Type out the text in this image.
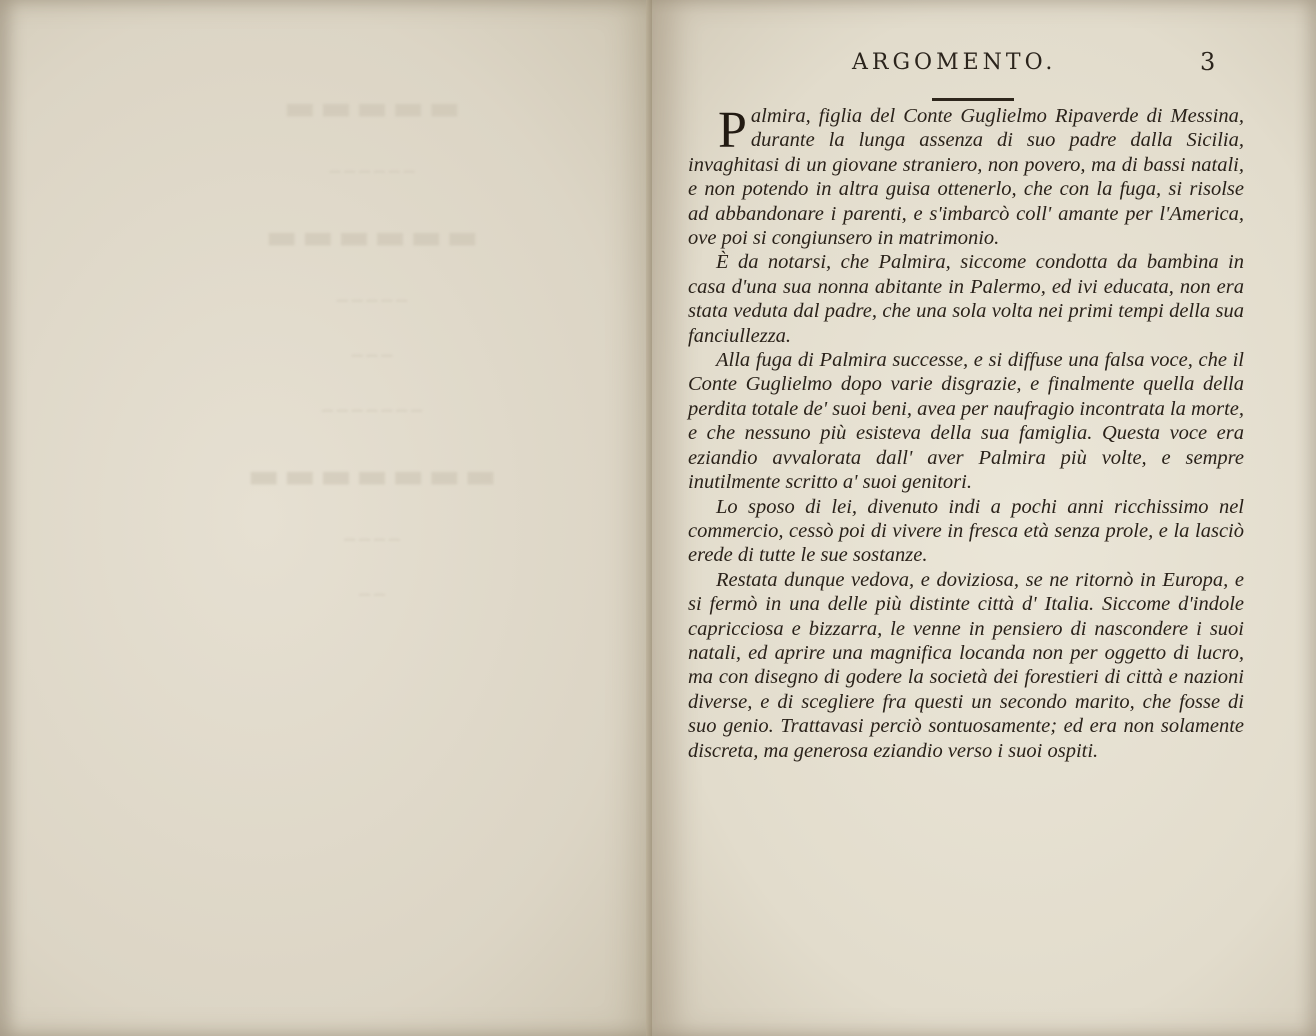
▬▬▬▬▬
──────
▬▬▬▬▬▬
─────
───
───────
▬▬▬▬▬▬▬
────
──
ARGOMENTO.	3

Palmira, figlia del Conte Guglielmo Ripaverde di Messina, durante la lunga assenza di suo padre dalla Sicilia, invaghitasi di un giovane straniero, non povero, ma di bassi natali, e non potendo in altra guisa ottenerlo, che con la fuga, si risolse ad abbandonare i parenti, e s'imbarcò coll' amante per l'America, ove poi si congiunsero in matrimonio.

È da notarsi, che Palmira, siccome condotta da bambina in casa d'una sua nonna abitante in Palermo, ed ivi educata, non era stata veduta dal padre, che una sola volta nei primi tempi della sua fanciullezza.

Alla fuga di Palmira successe, e si diffuse una falsa voce, che il Conte Guglielmo dopo varie disgrazie, e finalmente quella della perdita totale de' suoi beni, avea per naufragio incontrata la morte, e che nessuno più esisteva della sua famiglia. Questa voce era eziandio avvalorata dall' aver Palmira più volte, e sempre inutilmente scritto a' suoi genitori.

Lo sposo di lei, divenuto indi a pochi anni ricchissimo nel commercio, cessò poi di vivere in fresca età senza prole, e la lasciò erede di tutte le sue sostanze.

Restata dunque vedova, e doviziosa, se ne ritornò in Europa, e si fermò in una delle più distinte città d' Italia. Siccome d'indole capricciosa e bizzarra, le venne in pensiero di nascondere i suoi natali, ed aprire una magnifica locanda non per oggetto di lucro, ma con disegno di godere la società dei forestieri di città e nazioni diverse, e di scegliere fra questi un secondo marito, che fosse di suo genio. Trattavasi perciò sontuosamente; ed era non solamente discreta, ma generosa eziandio verso i suoi ospiti.
